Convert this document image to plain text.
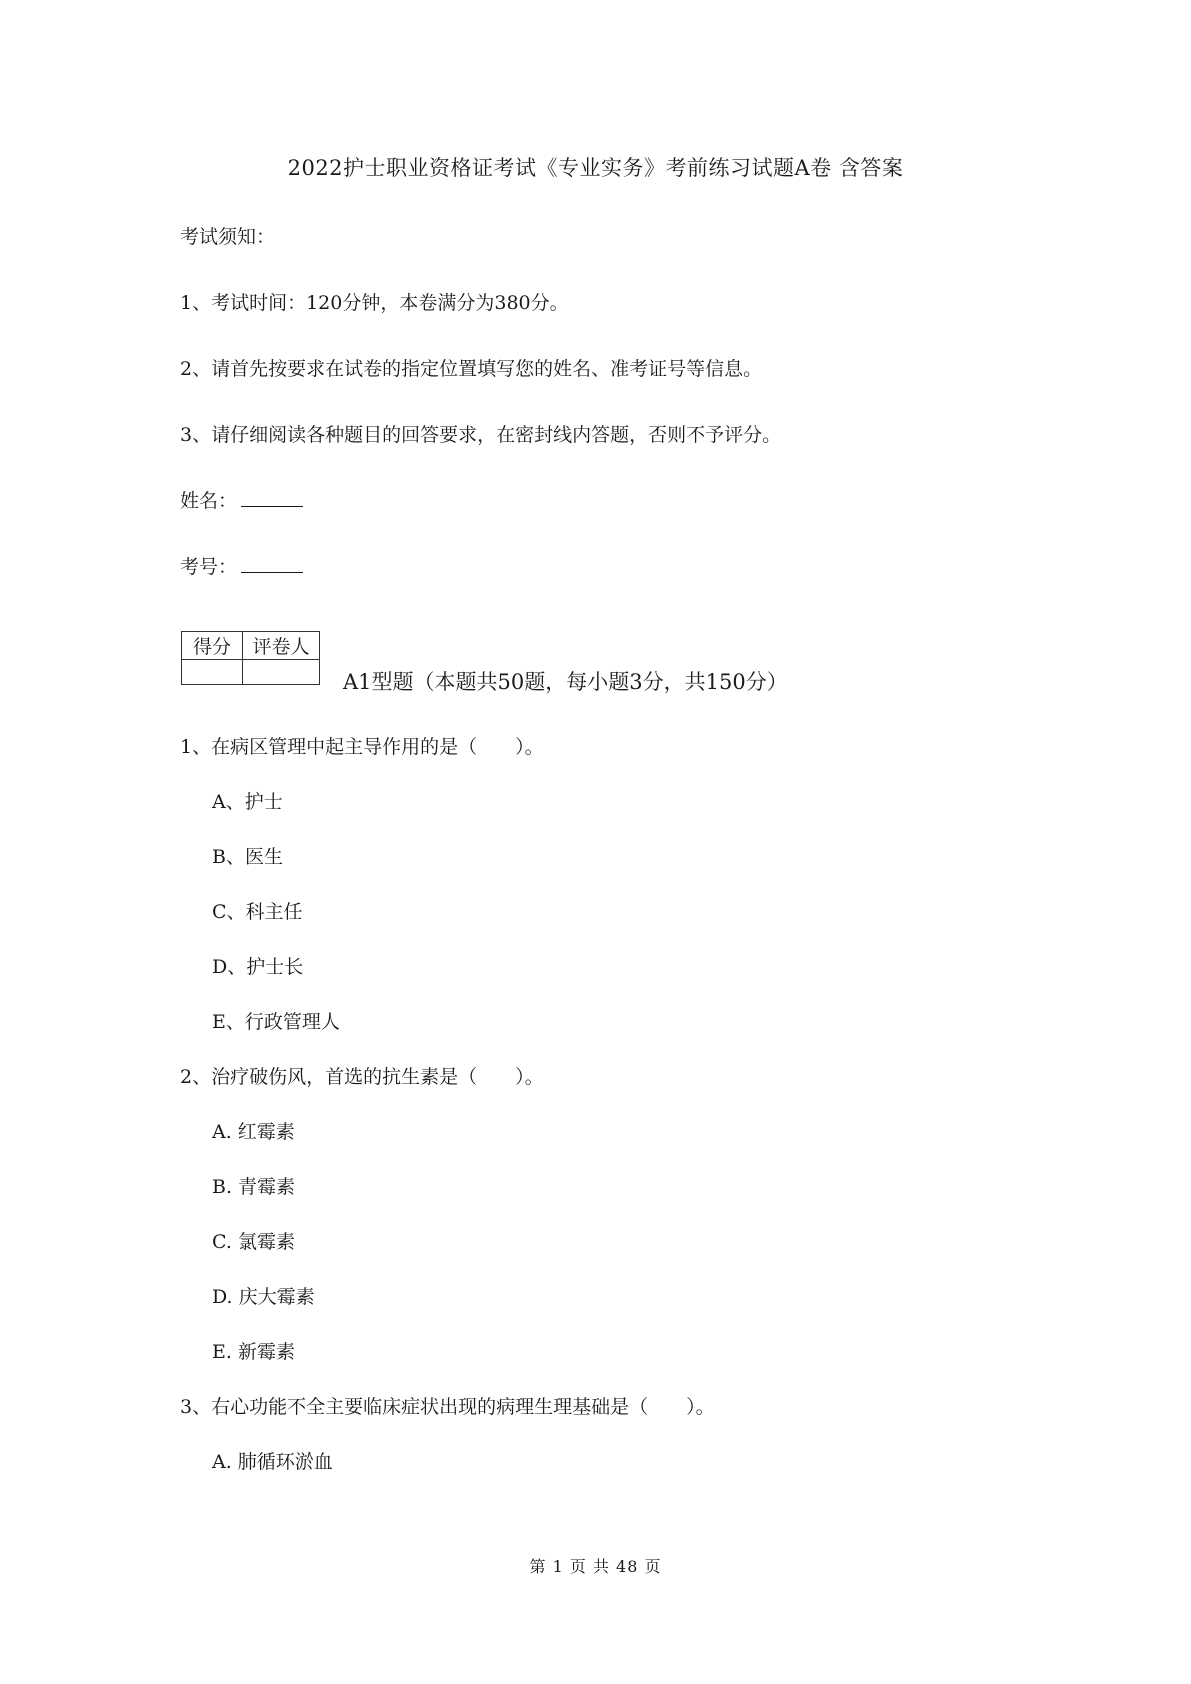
2022护士职业资格证考试《专业实务》考前练习试题A卷 含答案
考试须知：
1、考试时间：120分钟，本卷满分为380分。
2、请首先按要求在试卷的指定位置填写您的姓名、准考证号等信息。
3、请仔细阅读各种题目的回答要求，在密封线内答题，否则不予评分。
姓名：
考号：
得分	评卷人

A1型题（本题共50题，每小题3分，共150分）
1、在病区管理中起主导作用的是（　　）。
A、护士
B、医生
C、科主任
D、护士长
E、行政管理人
2、治疗破伤风，首选的抗生素是（　　）。
A. 红霉素
B. 青霉素
C. 氯霉素
D. 庆大霉素
E. 新霉素
3、右心功能不全主要临床症状出现的病理生理基础是（　　）。
A. 肺循环淤血
第 1 页 共 48 页
